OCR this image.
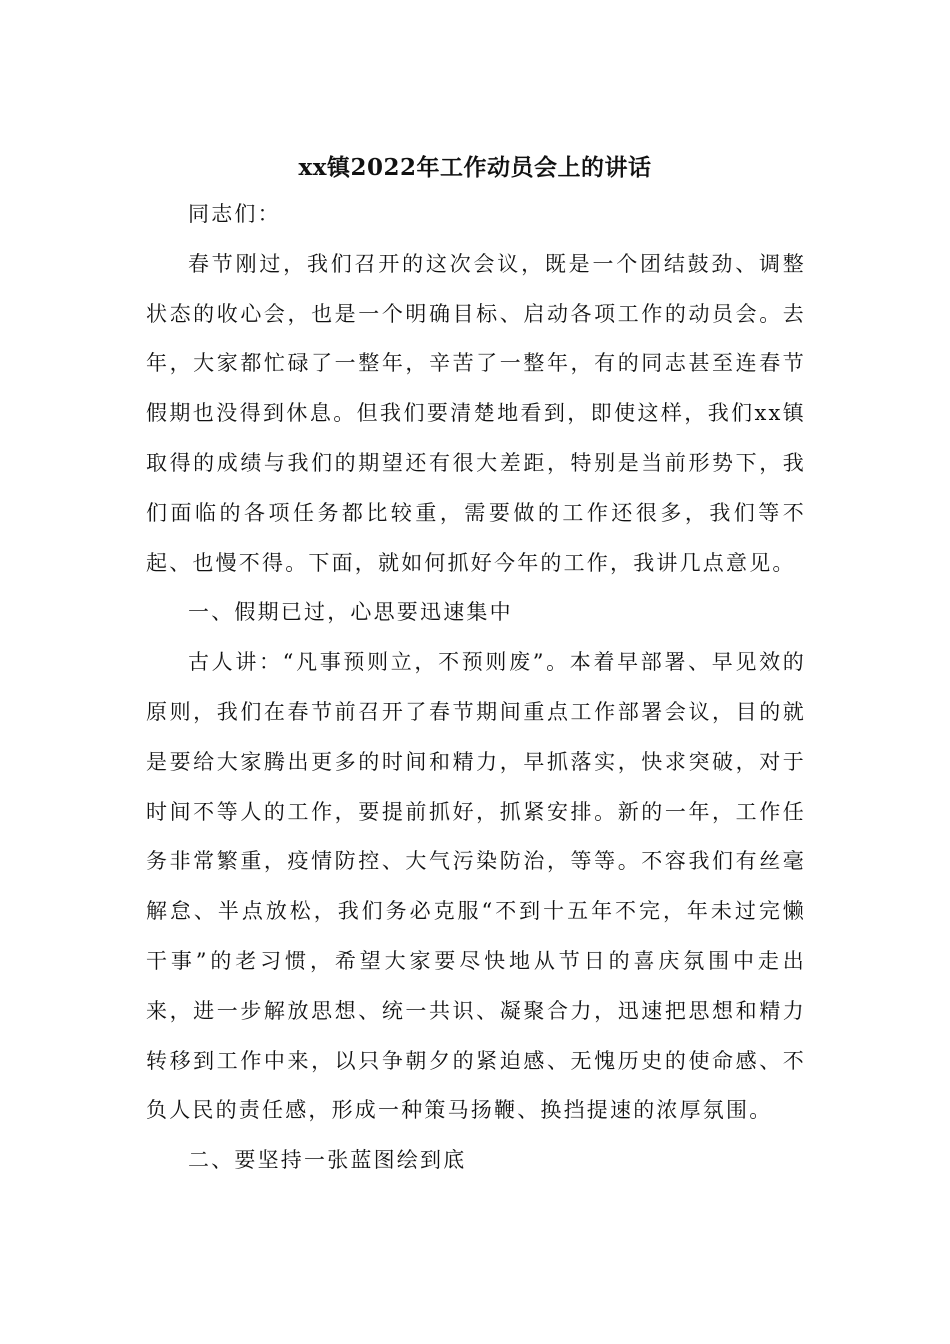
xx镇2022年工作动员会上的讲话

同志们：

春节刚过，我们召开的这次会议，既是一个团结鼓劲、调整状态的收心会，也是一个明确目标、启动各项工作的动员会。去年，大家都忙碌了一整年，辛苦了一整年，有的同志甚至连春节假期也没得到休息。但我们要清楚地看到，即使这样，我们xx镇取得的成绩与我们的期望还有很大差距，特别是当前形势下，我们面临的各项任务都比较重，需要做的工作还很多，我们等不起、也慢不得。下面，就如何抓好今年的工作，我讲几点意见。

一、假期已过，心思要迅速集中

古人讲：“凡事预则立，不预则废”。本着早部署、早见效的原则，我们在春节前召开了春节期间重点工作部署会议，目的就是要给大家腾出更多的时间和精力，早抓落实，快求突破，对于时间不等人的工作，要提前抓好，抓紧安排。新的一年，工作任务非常繁重，疫情防控、大气污染防治，等等。不容我们有丝毫解怠、半点放松，我们务必克服“不到十五年不完，年未过完懒干事”的老习惯，希望大家要尽快地从节日的喜庆氛围中走出来，进一步解放思想、统一共识、凝聚合力，迅速把思想和精力转移到工作中来，以只争朝夕的紧迫感、无愧历史的使命感、不负人民的责任感，形成一种策马扬鞭、换挡提速的浓厚氛围。

二、要坚持一张蓝图绘到底
